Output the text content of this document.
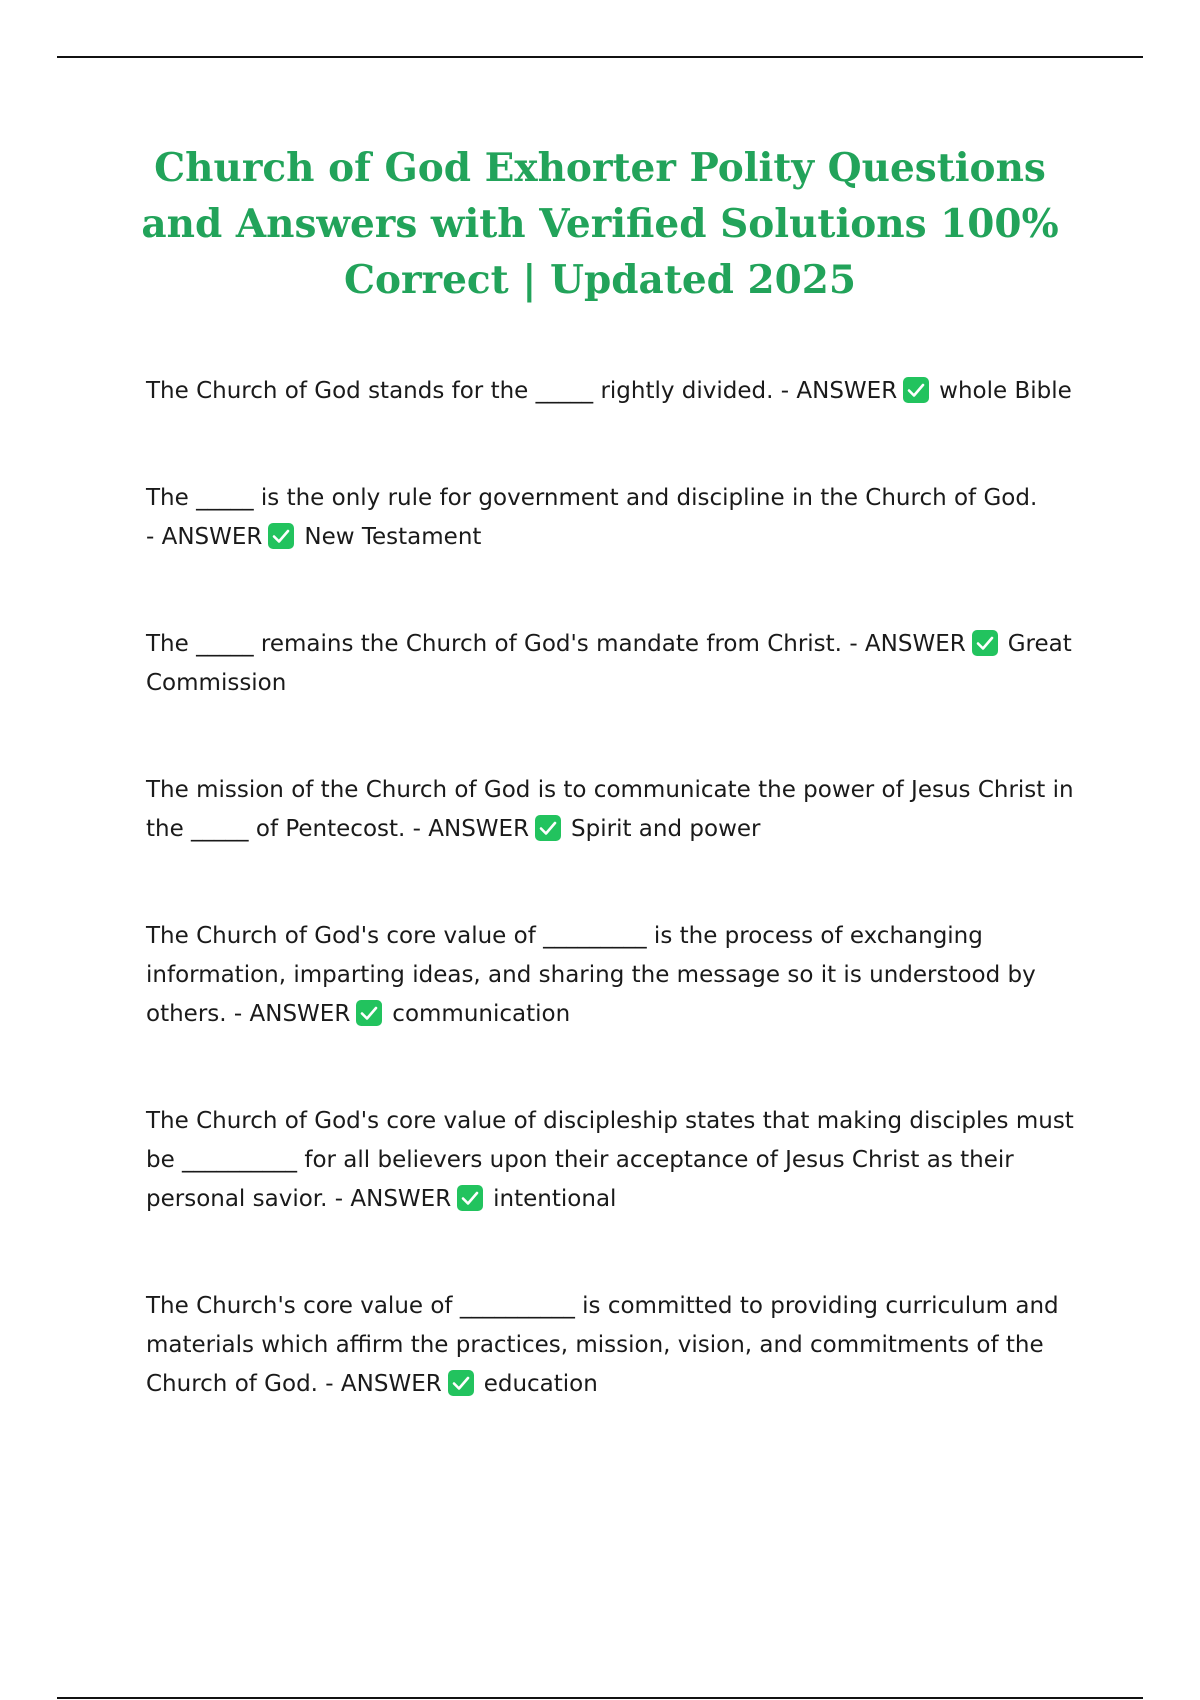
Church of God Exhorter Polity Questions and Answers with Verified Solutions 100% Correct | Updated 2025

The Church of God stands for the _____ rightly divided. - ANSWER whole Bible

The _____ is the only rule for government and discipline in the Church of God. - ANSWER New Testament

The _____ remains the Church of God's mandate from Christ. - ANSWER Great Commission

The mission of the Church of God is to communicate the power of Jesus Christ in the _____ of Pentecost. - ANSWER Spirit and power

The Church of God's core value of _________ is the process of exchanging information, imparting ideas, and sharing the message so it is understood by others. - ANSWER communication

The Church of God's core value of discipleship states that making disciples must be __________ for all believers upon their acceptance of Jesus Christ as their personal savior. - ANSWER intentional

The Church's core value of __________ is committed to providing curriculum and materials which affirm the practices, mission, vision, and commitments of the Church of God. - ANSWER education
